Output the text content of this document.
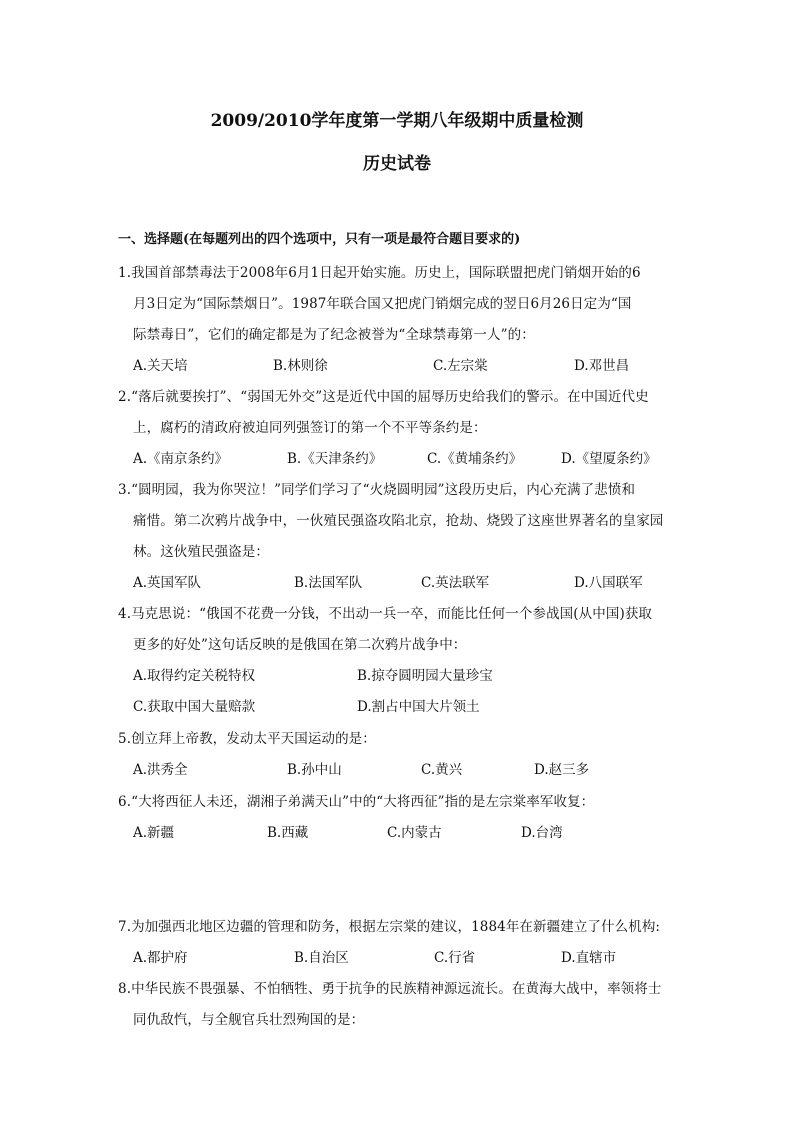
2009/2010学年度第一学期八年级期中质量检测
历史试卷
一、选择题(在每题列出的四个选项中，只有一项是最符合题目要求的)
1.我国首部禁毒法于2008年6月1日起开始实施。历史上，国际联盟把虎门销烟开始的6
月3日定为“国际禁烟日”。1987年联合国又把虎门销烟完成的翌日6月26日定为“国
际禁毒日”，它们的确定都是为了纪念被誉为“全球禁毒第一人”的：
A.关天培	B.林则徐	C.左宗棠	D.邓世昌
2.“落后就要挨打”、“弱国无外交”这是近代中国的屈辱历史给我们的警示。在中国近代史
上，腐朽的清政府被迫同列强签订的第一个不平等条约是：
A.《南京条约》	B.《天津条约》	C.《黄埔条约》	D.《望厦条约》
3.“圆明园，我为你哭泣！”同学们学习了“火烧圆明园”这段历史后，内心充满了悲愤和
痛惜。第二次鸦片战争中，一伙殖民强盗攻陷北京，抢劫、烧毁了这座世界著名的皇家园
林。这伙殖民强盗是：
A.英国军队	B.法国军队	C.英法联军	D.八国联军
4.马克思说：“俄国不花费一分钱，不出动一兵一卒，而能比任何一个参战国(从中国)获取
更多的好处”这句话反映的是俄国在第二次鸦片战争中：
A.取得约定关税特权	B.掠夺圆明园大量珍宝
C.获取中国大量赔款	D.割占中国大片领土
5.创立拜上帝教，发动太平天国运动的是：
A.洪秀全	B.孙中山	C.黄兴	D.赵三多
6.“大将西征人未还，湖湘子弟满天山”中的“大将西征”指的是左宗棠率军收复：
A.新疆	B.西藏	C.内蒙古	D.台湾
7.为加强西北地区边疆的管理和防务，根据左宗棠的建议，1884年在新疆建立了什么机构:
A.都护府	B.自治区	C.行省	D.直辖市
8.中华民族不畏强暴、不怕牺牲、勇于抗争的民族精神源远流长。在黄海大战中，率领将士
同仇敌忾，与全舰官兵壮烈殉国的是：
